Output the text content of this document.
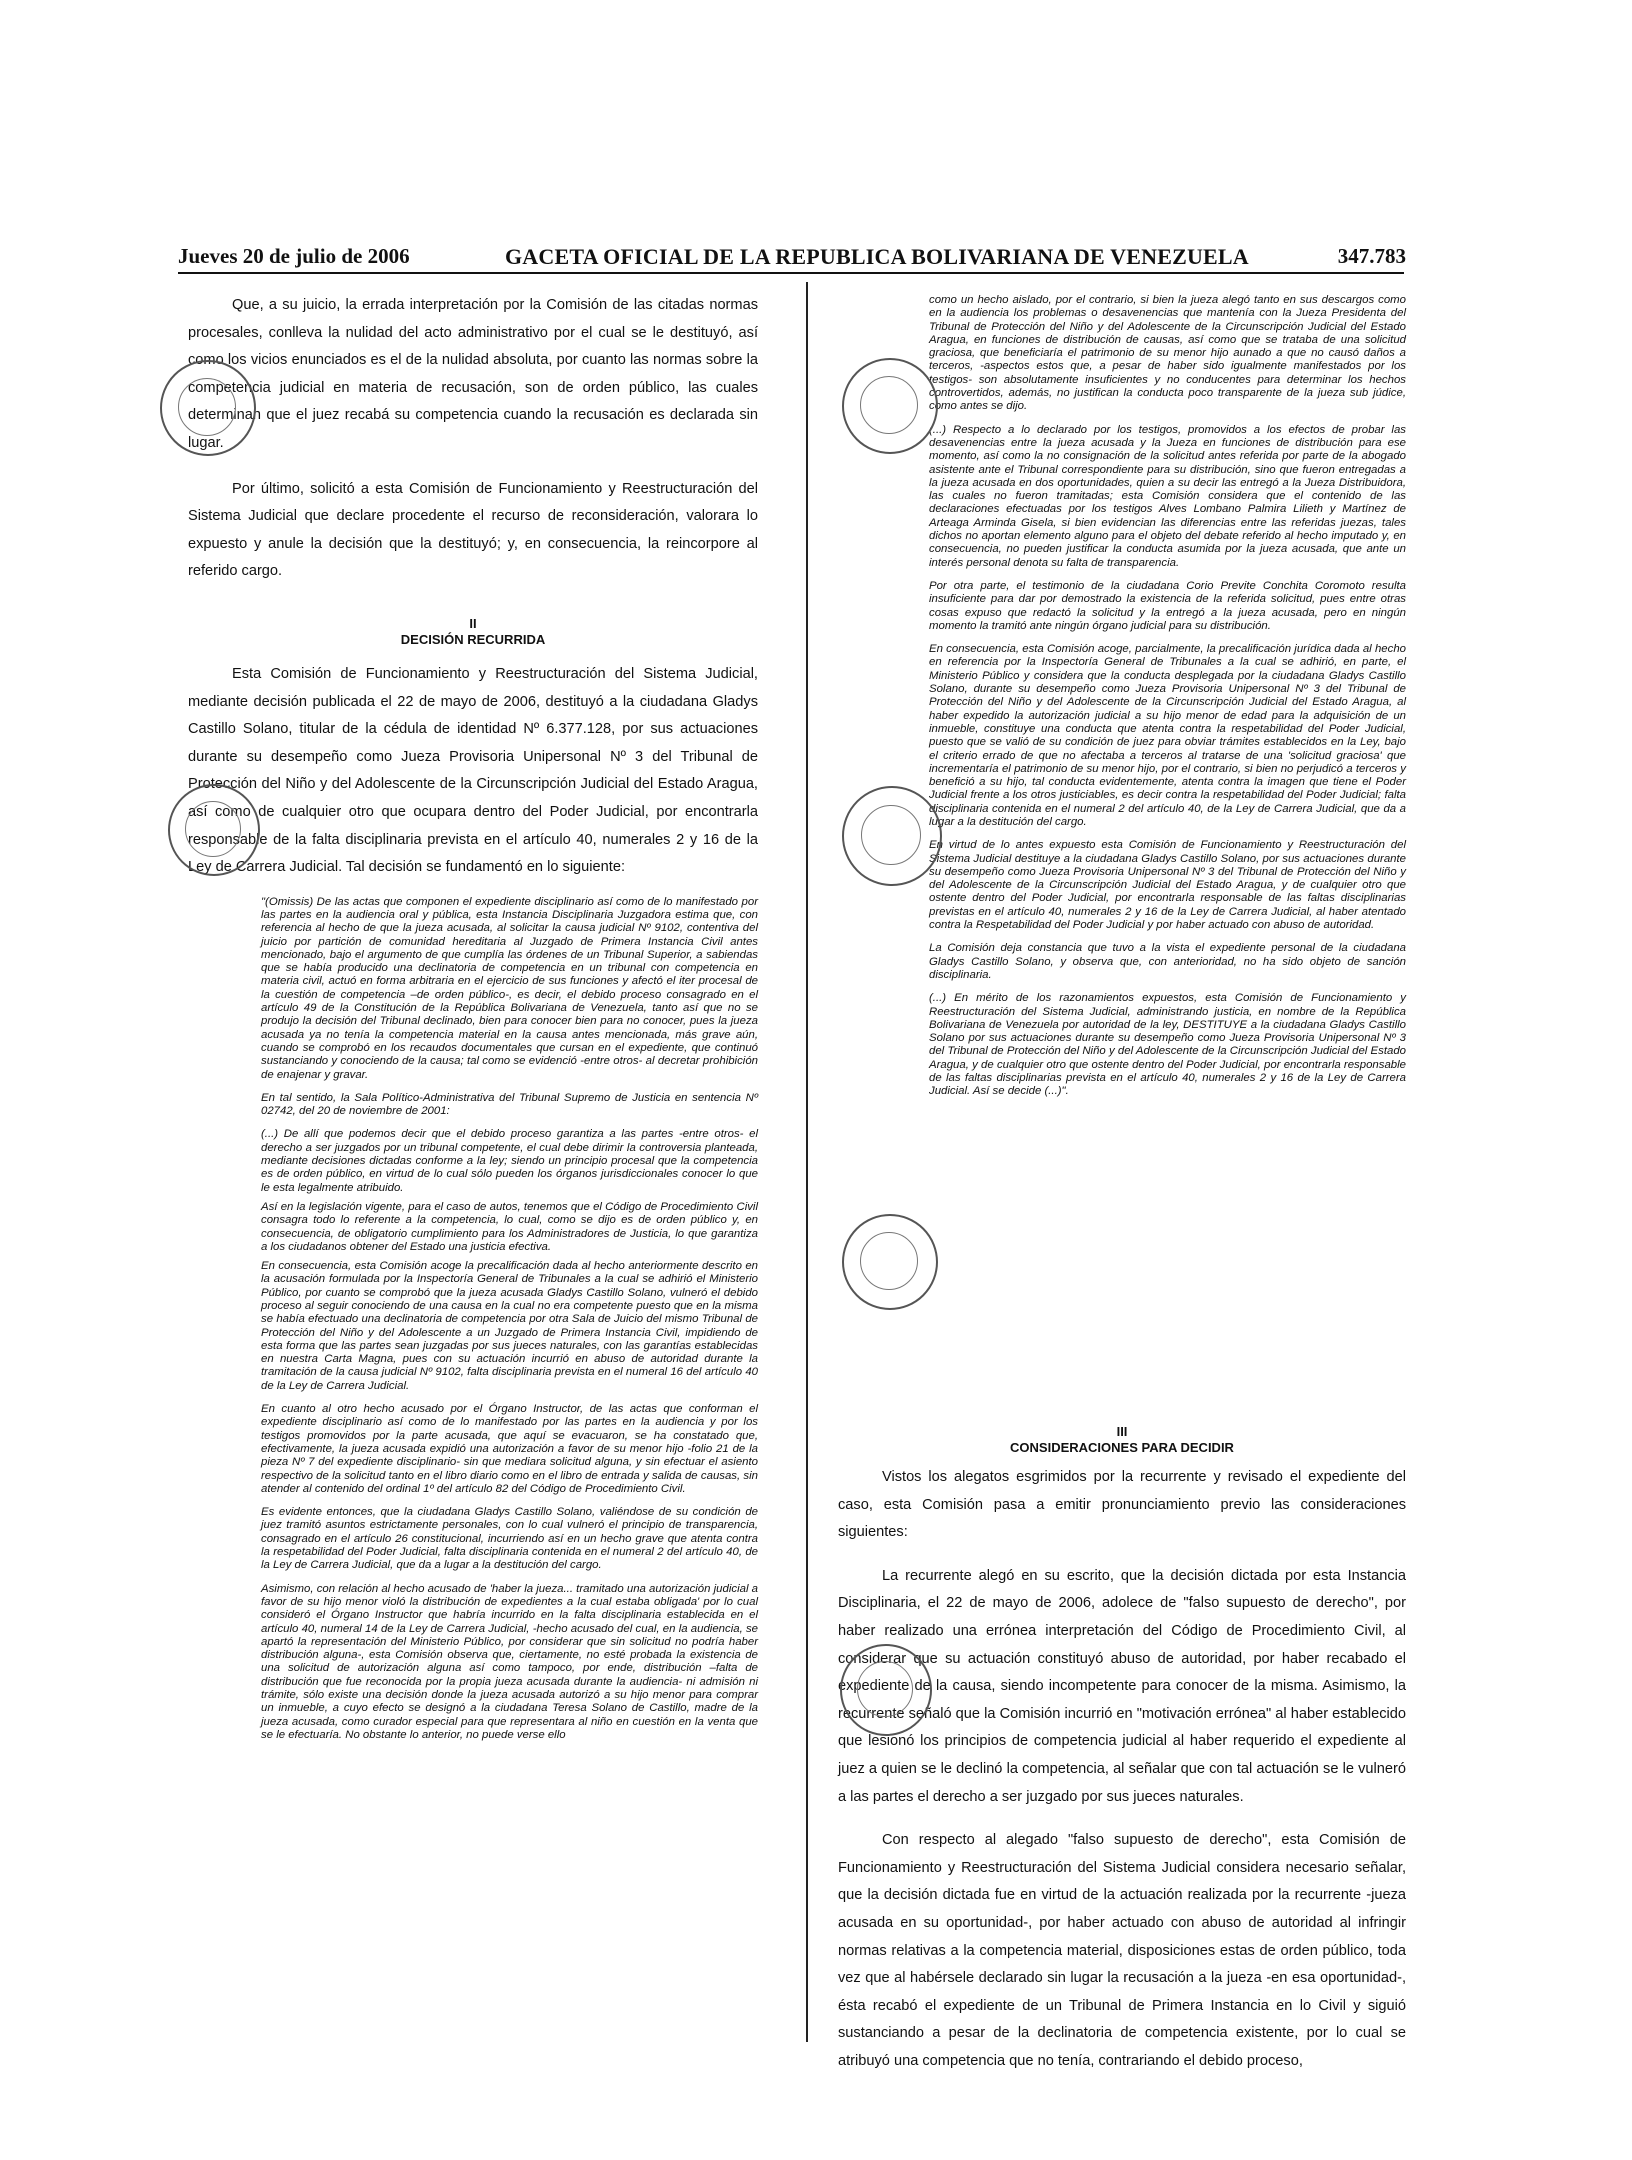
Jueves 20 de julio de 2006	GACETA OFICIAL DE LA REPUBLICA BOLIVARIANA DE VENEZUELA	347.783

Que, a su juicio, la errada interpretación por la Comisión de las citadas normas procesales, conlleva la nulidad del acto administrativo por el cual se le destituyó, así como los vicios enunciados es el de la nulidad absoluta, por cuanto las normas sobre la competencia judicial en materia de recusación, son de orden público, las cuales determinan que el juez recabá su competencia cuando la recusación es declarada sin lugar.

Por último, solicitó a esta Comisión de Funcionamiento y Reestructuración del Sistema Judicial que declare procedente el recurso de reconsideración, valorara lo expuesto y anule la decisión que la destituyó; y, en consecuencia, la reincorpore al referido cargo.

II

DECISIÓN RECURRIDA

Esta Comisión de Funcionamiento y Reestructuración del Sistema Judicial, mediante decisión publicada el 22 de mayo de 2006, destituyó a la ciudadana Gladys Castillo Solano, titular de la cédula de identidad Nº 6.377.128, por sus actuaciones durante su desempeño como Jueza Provisoria Unipersonal Nº 3 del Tribunal de Protección del Niño y del Adolescente de la Circunscripción Judicial del Estado Aragua, así como de cualquier otro que ocupara dentro del Poder Judicial, por encontrarla responsable de la falta disciplinaria prevista en el artículo 40, numerales 2 y 16 de la Ley de Carrera Judicial. Tal decisión se fundamentó en lo siguiente:

"(Omissis) De las actas que componen el expediente disciplinario así como de lo manifestado por las partes en la audiencia oral y pública, esta Instancia Disciplinaria Juzgadora estima que, con referencia al hecho de que la jueza acusada, al solicitar la causa judicial Nº 9102, contentiva del juicio por partición de comunidad hereditaria al Juzgado de Primera Instancia Civil antes mencionado, bajo el argumento de que cumplía las órdenes de un Tribunal Superior, a sabiendas que se había producido una declinatoria de competencia en un tribunal con competencia en materia civil, actuó en forma arbitraria en el ejercicio de sus funciones y afectó el iter procesal de la cuestión de competencia –de orden público-, es decir, el debido proceso consagrado en el artículo 49 de la Constitución de la República Bolivariana de Venezuela, tanto así que no se produjo la decisión del Tribunal declinado, bien para conocer bien para no conocer, pues la jueza acusada ya no tenía la competencia material en la causa antes mencionada, más grave aún, cuando se comprobó en los recaudos documentales que cursan en el expediente, que continuó sustanciando y conociendo de la causa; tal como se evidenció -entre otros- al decretar prohibición de enajenar y gravar.

En tal sentido, la Sala Político-Administrativa del Tribunal Supremo de Justicia en sentencia Nº 02742, del 20 de noviembre de 2001:

(...) De allí que podemos decir que el debido proceso garantiza a las partes -entre otros- el derecho a ser juzgados por un tribunal competente, el cual debe dirimir la controversia planteada, mediante decisiones dictadas conforme a la ley; siendo un principio procesal que la competencia es de orden público, en virtud de lo cual sólo pueden los órganos jurisdiccionales conocer lo que le esta legalmente atribuido.

Así en la legislación vigente, para el caso de autos, tenemos que el Código de Procedimiento Civil consagra todo lo referente a la competencia, lo cual, como se dijo es de orden público y, en consecuencia, de obligatorio cumplimiento para los Administradores de Justicia, lo que garantiza a los ciudadanos obtener del Estado una justicia efectiva.

En consecuencia, esta Comisión acoge la precalificación dada al hecho anteriormente descrito en la acusación formulada por la Inspectoría General de Tribunales a la cual se adhirió el Ministerio Público, por cuanto se comprobó que la jueza acusada Gladys Castillo Solano, vulneró el debido proceso al seguir conociendo de una causa en la cual no era competente puesto que en la misma se había efectuado una declinatoria de competencia por otra Sala de Juicio del mismo Tribunal de Protección del Niño y del Adolescente a un Juzgado de Primera Instancia Civil, impidiendo de esta forma que las partes sean juzgadas por sus jueces naturales, con las garantías establecidas en nuestra Carta Magna, pues con su actuación incurrió en abuso de autoridad durante la tramitación de la causa judicial Nº 9102, falta disciplinaria prevista en el numeral 16 del artículo 40 de la Ley de Carrera Judicial.

En cuanto al otro hecho acusado por el Órgano Instructor, de las actas que conforman el expediente disciplinario así como de lo manifestado por las partes en la audiencia y por los testigos promovidos por la parte acusada, que aquí se evacuaron, se ha constatado que, efectivamente, la jueza acusada expidió una autorización a favor de su menor hijo -folio 21 de la pieza Nº 7 del expediente disciplinario- sin que mediara solicitud alguna, y sin efectuar el asiento respectivo de la solicitud tanto en el libro diario como en el libro de entrada y salida de causas, sin atender al contenido del ordinal 1º del artículo 82 del Código de Procedimiento Civil.

Es evidente entonces, que la ciudadana Gladys Castillo Solano, valiéndose de su condición de juez tramitó asuntos estrictamente personales, con lo cual vulneró el principio de transparencia, consagrado en el artículo 26 constitucional, incurriendo así en un hecho grave que atenta contra la respetabilidad del Poder Judicial, falta disciplinaria contenida en el numeral 2 del artículo 40, de la Ley de Carrera Judicial, que da a lugar a la destitución del cargo.

Asimismo, con relación al hecho acusado de 'haber la jueza... tramitado una autorización judicial a favor de su hijo menor violó la distribución de expedientes a la cual estaba obligada' por lo cual consideró el Órgano Instructor que habría incurrido en la falta disciplinaria establecida en el artículo 40, numeral 14 de la Ley de Carrera Judicial, -hecho acusado del cual, en la audiencia, se apartó la representación del Ministerio Público, por considerar que sin solicitud no podría haber distribución alguna-, esta Comisión observa que, ciertamente, no esté probada la existencia de una solicitud de autorización alguna así como tampoco, por ende, distribución –falta de distribución que fue reconocida por la propia jueza acusada durante la audiencia- ni admisión ni trámite, sólo existe una decisión donde la jueza acusada autorizó a su hijo menor para comprar un inmueble, a cuyo efecto se designó a la ciudadana Teresa Solano de Castillo, madre de la jueza acusada, como curador especial para que representara al niño en cuestión en la venta que se le efectuaría. No obstante lo anterior, no puede verse ello

como un hecho aislado, por el contrario, si bien la jueza alegó tanto en sus descargos como en la audiencia los problemas o desavenencias que mantenía con la Jueza Presidenta del Tribunal de Protección del Niño y del Adolescente de la Circunscripción Judicial del Estado Aragua, en funciones de distribución de causas, así como que se trataba de una solicitud graciosa, que beneficiaría el patrimonio de su menor hijo aunado a que no causó daños a terceros, -aspectos estos que, a pesar de haber sido igualmente manifestados por los testigos- son absolutamente insuficientes y no conducentes para determinar los hechos controvertidos, además, no justifican la conducta poco transparente de la jueza sub júdice, como antes se dijo.

(...) Respecto a lo declarado por los testigos, promovidos a los efectos de probar las desavenencias entre la jueza acusada y la Jueza en funciones de distribución para ese momento, así como la no consignación de la solicitud antes referida por parte de la abogado asistente ante el Tribunal correspondiente para su distribución, sino que fueron entregadas a la jueza acusada en dos oportunidades, quien a su decir las entregó a la Jueza Distribuidora, las cuales no fueron tramitadas; esta Comisión considera que el contenido de las declaraciones efectuadas por los testigos Alves Lombano Palmira Lilieth y Martínez de Arteaga Arminda Gisela, si bien evidencian las diferencias entre las referidas juezas, tales dichos no aportan elemento alguno para el objeto del debate referido al hecho imputado y, en consecuencia, no pueden justificar la conducta asumida por la jueza acusada, que ante un interés personal denota su falta de transparencia.

Por otra parte, el testimonio de la ciudadana Corio Previte Conchita Coromoto resulta insuficiente para dar por demostrado la existencia de la referida solicitud, pues entre otras cosas expuso que redactó la solicitud y la entregó a la jueza acusada, pero en ningún momento la tramitó ante ningún órgano judicial para su distribución.

En consecuencia, esta Comisión acoge, parcialmente, la precalificación jurídica dada al hecho en referencia por la Inspectoría General de Tribunales a la cual se adhirió, en parte, el Ministerio Público y considera que la conducta desplegada por la ciudadana Gladys Castillo Solano, durante su desempeño como Jueza Provisoria Unipersonal Nº 3 del Tribunal de Protección del Niño y del Adolescente de la Circunscripción Judicial del Estado Aragua, al haber expedido la autorización judicial a su hijo menor de edad para la adquisición de un inmueble, constituye una conducta que atenta contra la respetabilidad del Poder Judicial, puesto que se valió de su condición de juez para obviar trámites establecidos en la Ley, bajo el criterio errado de que no afectaba a terceros al tratarse de una 'solicitud graciosa' que incrementaría el patrimonio de su menor hijo, por el contrario, si bien no perjudicó a terceros y benefició a su hijo, tal conducta evidentemente, atenta contra la imagen que tiene el Poder Judicial frente a los otros justiciables, es decir contra la respetabilidad del Poder Judicial; falta disciplinaria contenida en el numeral 2 del artículo 40, de la Ley de Carrera Judicial, que da a lugar a la destitución del cargo.

En virtud de lo antes expuesto esta Comisión de Funcionamiento y Reestructuración del Sistema Judicial destituye a la ciudadana Gladys Castillo Solano, por sus actuaciones durante su desempeño como Jueza Provisoria Unipersonal Nº 3 del Tribunal de Protección del Niño y del Adolescente de la Circunscripción Judicial del Estado Aragua, y de cualquier otro que ostente dentro del Poder Judicial, por encontrarla responsable de las faltas disciplinarias previstas en el artículo 40, numerales 2 y 16 de la Ley de Carrera Judicial, al haber atentado contra la Respetabilidad del Poder Judicial y por haber actuado con abuso de autoridad.

La Comisión deja constancia que tuvo a la vista el expediente personal de la ciudadana Gladys Castillo Solano, y observa que, con anterioridad, no ha sido objeto de sanción disciplinaria.

(...) En mérito de los razonamientos expuestos, esta Comisión de Funcionamiento y Reestructuración del Sistema Judicial, administrando justicia, en nombre de la República Bolivariana de Venezuela por autoridad de la ley, DESTITUYE a la ciudadana Gladys Castillo Solano por sus actuaciones durante su desempeño como Jueza Provisoria Unipersonal Nº 3 del Tribunal de Protección del Niño y del Adolescente de la Circunscripción Judicial del Estado Aragua, y de cualquier otro que ostente dentro del Poder Judicial, por encontrarla responsable de las faltas disciplinarias prevista en el artículo 40, numerales 2 y 16 de la Ley de Carrera Judicial. Así se decide (...)".

III

CONSIDERACIONES PARA DECIDIR

Vistos los alegatos esgrimidos por la recurrente y revisado el expediente del caso, esta Comisión pasa a emitir pronunciamiento previo las consideraciones siguientes:

La recurrente alegó en su escrito, que la decisión dictada por esta Instancia Disciplinaria, el 22 de mayo de 2006, adolece de "falso supuesto de derecho", por haber realizado una errónea interpretación del Código de Procedimiento Civil, al considerar que su actuación constituyó abuso de autoridad, por haber recabado el expediente de la causa, siendo incompetente para conocer de la misma. Asimismo, la recurrente señaló que la Comisión incurrió en "motivación errónea" al haber establecido que lesionó los principios de competencia judicial al haber requerido el expediente al juez a quien se le declinó la competencia, al señalar que con tal actuación se le vulneró a las partes el derecho a ser juzgado por sus jueces naturales.

Con respecto al alegado "falso supuesto de derecho", esta Comisión de Funcionamiento y Reestructuración del Sistema Judicial considera necesario señalar, que la decisión dictada fue en virtud de la actuación realizada por la recurrente -jueza acusada en su oportunidad-, por haber actuado con abuso de autoridad al infringir normas relativas a la competencia material, disposiciones estas de orden público, toda vez que al habérsele declarado sin lugar la recusación a la jueza -en esa oportunidad-, ésta recabó el expediente de un Tribunal de Primera Instancia en lo Civil y siguió sustanciando a pesar de la declinatoria de competencia existente, por lo cual se atribuyó una competencia que no tenía, contrariando el debido proceso,
